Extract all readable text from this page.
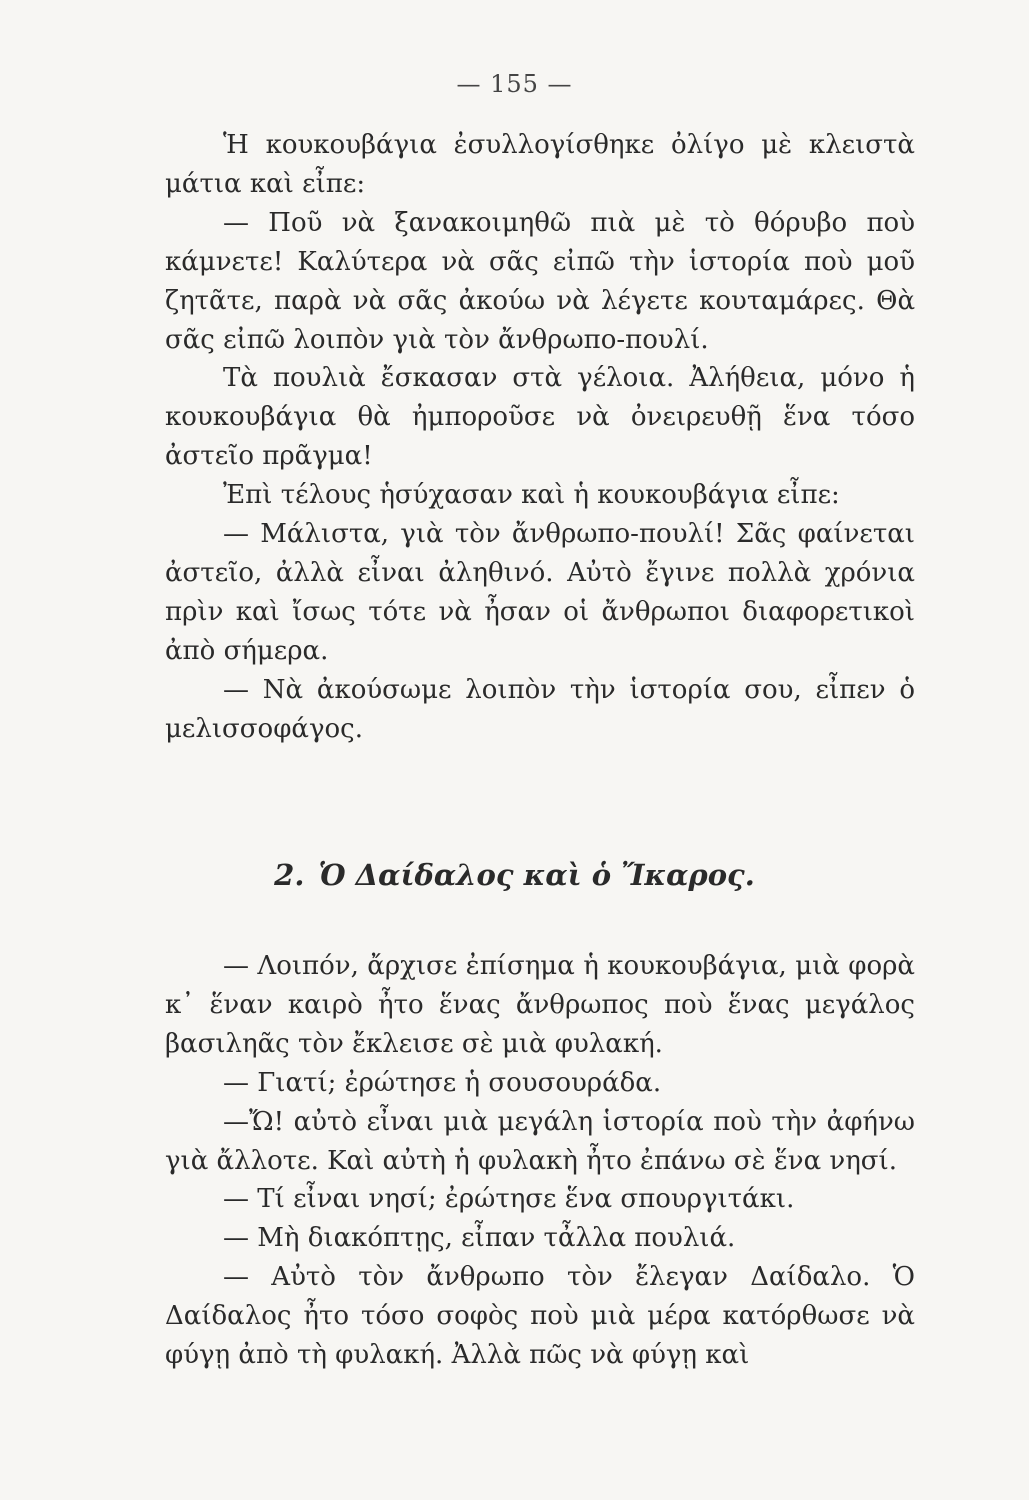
— 155 —

Ἡ κουκουβάγια ἐσυλλογίσθηκε ὀλίγο μὲ κλειστὰ μάτια καὶ εἶπε:

— Ποῦ νὰ ξανακοιμηθῶ πιὰ μὲ τὸ θόρυβο ποὺ κάμνετε! Καλύτερα νὰ σᾶς εἰπῶ τὴν ἱστορία ποὺ μοῦ ζητᾶτε, παρὰ νὰ σᾶς ἀκούω νὰ λέγετε κουταμάρες. Θὰ σᾶς εἰπῶ λοιπὸν γιὰ τὸν ἄνθρωπο-πουλί.

Τὰ πουλιὰ ἔσκασαν στὰ γέλοια. Ἀλήθεια, μόνο ἡ κουκουβάγια θὰ ἠμποροῦσε νὰ ὀνειρευθῇ ἕνα τόσο ἀστεῖο πρᾶγμα!

Ἐπὶ τέλους ἡσύχασαν καὶ ἡ κουκουβάγια εἶπε:

— Μάλιστα, γιὰ τὸν ἄνθρωπο-πουλί! Σᾶς φαίνεται ἀστεῖο, ἀλλὰ εἶναι ἀληθινό. Αὐτὸ ἔγινε πολλὰ χρόνια πρὶν καὶ ἴσως τότε νὰ ἦσαν οἱ ἄνθρωποι διαφορετικοὶ ἀπὸ σήμερα.

— Νὰ ἀκούσωμε λοιπὸν τὴν ἱστορία σου, εἶπεν ὁ μελισσοφάγος.

2. Ὁ Δαίδαλος καὶ ὁ Ἴκαρος.

— Λοιπόν, ἄρχισε ἐπίσημα ἡ κουκουβάγια, μιὰ φορὰ κ᾽ ἕναν καιρὸ ἦτο ἕνας ἄνθρωπος ποὺ ἕνας μεγάλος βασιληᾶς τὸν ἔκλεισε σὲ μιὰ φυλακή.

— Γιατί; ἐρώτησε ἡ σουσουράδα.

—Ὤ! αὐτὸ εἶναι μιὰ μεγάλη ἱστορία ποὺ τὴν ἀφήνω γιὰ ἄλλοτε. Καὶ αὐτὴ ἡ φυλακὴ ἦτο ἐπάνω σὲ ἕνα νησί.

— Τί εἶναι νησί; ἐρώτησε ἕνα σπουργιτάκι.

— Μὴ διακόπτῃς, εἶπαν τἆλλα πουλιά.

— Αὐτὸ τὸν ἄνθρωπο τὸν ἔλεγαν Δαίδαλο. Ὁ Δαίδαλος ἦτο τόσο σοφὸς ποὺ μιὰ μέρα κατόρθωσε νὰ φύγῃ ἀπὸ τὴ φυλακή. Ἀλλὰ πῶς νὰ φύγῃ καὶ
